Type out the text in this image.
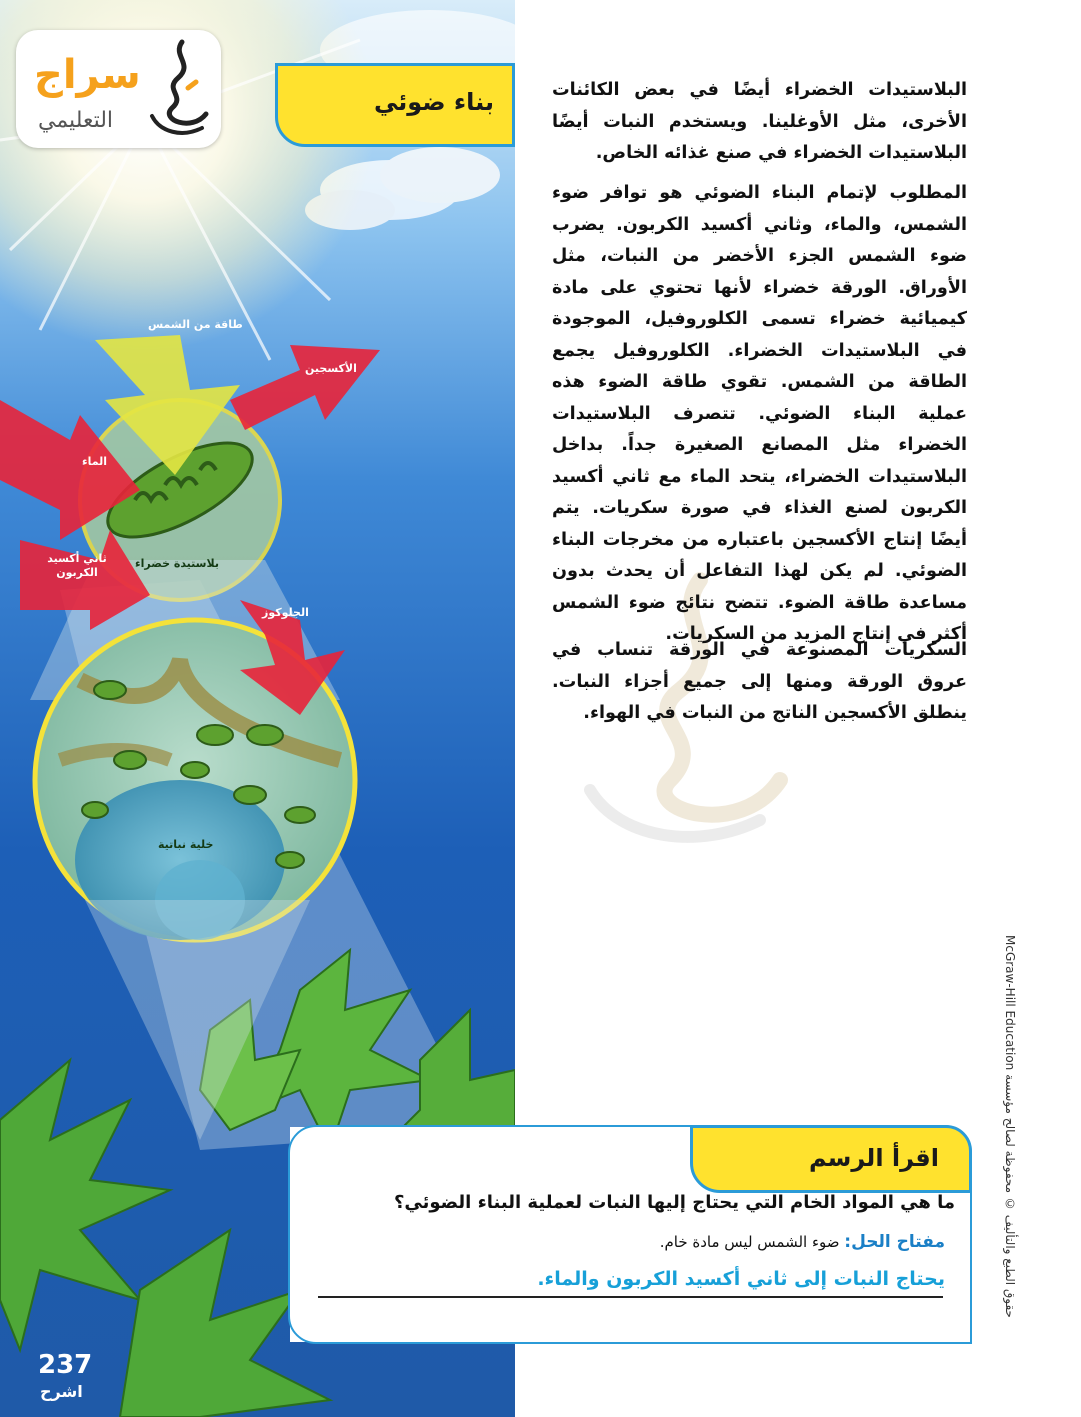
طاقة من الشمس
الأكسجين
الماء
ثاني أكسيد الكربون
بلاستيدة خضراء
الجلوكوز
خلية نباتية
237
اشرح
سراج
التعليمي
بناء ضوئي	البلاستيدات الخضراء أيضًا في بعض الكائنات الأخرى، مثل الأوغلينا. ويستخدم النبات أيضًا البلاستيدات الخضراء في صنع غذائه الخاص.

المطلوب لإتمام البناء الضوئي هو توافر ضوء الشمس، والماء، وثاني أكسيد الكربون. يضرب ضوء الشمس الجزء الأخضر من النبات، مثل الأوراق. الورقة خضراء لأنها تحتوي على مادة كيميائية خضراء تسمى الكلوروفيل، الموجودة في البلاستيدات الخضراء. الكلوروفيل يجمع الطاقة من الشمس. تقوي طاقة الضوء هذه عملية البناء الضوئي. تتصرف البلاستيدات الخضراء مثل المصانع الصغيرة جداً. بداخل البلاستيدات الخضراء، يتحد الماء مع ثاني أكسيد الكربون لصنع الغذاء في صورة سكريات. يتم أيضًا إنتاج الأكسجين باعتباره من مخرجات البناء الضوئي. لم يكن لهذا التفاعل أن يحدث بدون مساعدة طاقة الضوء. تتضح نتائج ضوء الشمس أكثر في إنتاج المزيد من السكريات.

السكريات المصنوعة في الورقة تنساب في عروق الورقة ومنها إلى جميع أجزاء النبات. ينطلق الأكسجين الناتج من النبات في الهواء.

حقوق الطبع والتأليف © محفوظة لصالح مؤسسة McGraw-Hill Education
اقرأ الرسم
ما هي المواد الخام التي يحتاج إليها النبات لعملية البناء الضوئي؟
مفتاح الحل: ضوء الشمس ليس مادة خام.
يحتاج النبات إلى ثاني أكسيد الكربون والماء.
